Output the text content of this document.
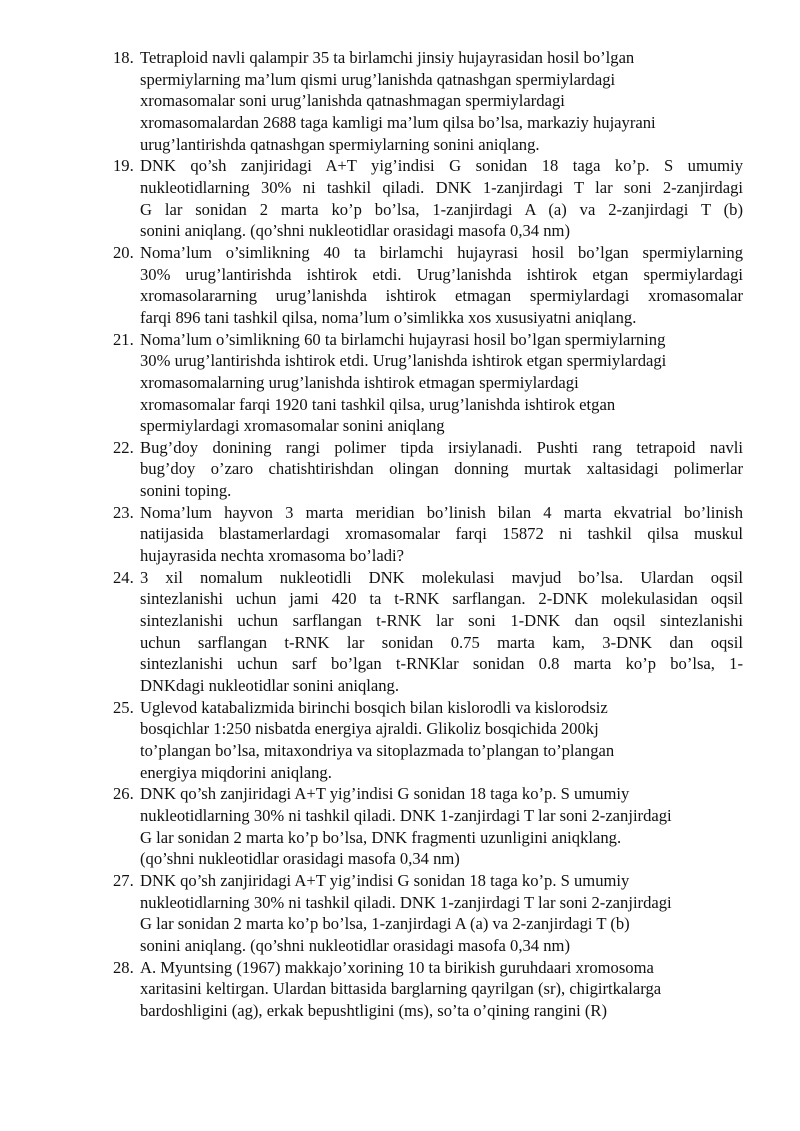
18. Tetraploid navli qalampir 35 ta birlamchi jinsiy hujayrasidan hosil bo’lgan
spermiylarning ma’lum qismi urug’lanishda qatnashgan spermiylardagi
xromasomalar soni urug’lanishda qatnashmagan spermiylardagi
xromasomalardan 2688 taga kamligi ma’lum qilsa bo’lsa, markaziy hujayrani
urug’lantirishda qatnashgan spermiylarning sonini aniqlang.
19. DNK qo’sh zanjiridagi A+T yig’indisi G sonidan 18 taga ko’p. S umumiy
nukleotidlarning 30% ni tashkil qiladi. DNK 1-zanjirdagi T lar soni 2-zanjirdagi
G lar sonidan 2 marta ko’p bo’lsa, 1-zanjirdagi A (a) va 2-zanjirdagi T (b)
sonini aniqlang. (qo’shni nukleotidlar orasidagi masofa 0,34 nm)
20. Noma’lum o’simlikning 40 ta birlamchi hujayrasi hosil bo’lgan spermiylarning
30% urug’lantirishda ishtirok etdi. Urug’lanishda ishtirok etgan spermiylardagi
xromasolararning urug’lanishda ishtirok etmagan spermiylardagi xromasomalar
farqi 896 tani tashkil qilsa, noma’lum o’simlikka xos xususiyatni aniqlang.
21. Noma’lum o’simlikning 60 ta birlamchi hujayrasi hosil bo’lgan spermiylarning
30% urug’lantirishda ishtirok etdi. Urug’lanishda ishtirok etgan spermiylardagi
xromasomalarning urug’lanishda ishtirok etmagan spermiylardagi
xromasomalar farqi 1920 tani tashkil qilsa, urug’lanishda ishtirok etgan
spermiylardagi xromasomalar sonini aniqlang
22. Bug’doy donining rangi polimer tipda irsiylanadi. Pushti rang tetrapoid navli
bug’doy o’zaro chatishtirishdan olingan donning murtak xaltasidagi polimerlar
sonini toping.
23. Noma’lum hayvon 3 marta meridian bo’linish bilan 4 marta ekvatrial bo’linish
natijasida blastamerlardagi xromasomalar farqi 15872 ni tashkil qilsa muskul
hujayrasida nechta xromasoma bo’ladi?
24. 3 xil nomalum nukleotidli DNK molekulasi mavjud bo’lsa. Ulardan oqsil
sintezlanishi uchun jami 420 ta t-RNK sarflangan. 2-DNK molekulasidan oqsil
sintezlanishi uchun sarflangan t-RNK lar soni 1-DNK dan oqsil sintezlanishi
uchun sarflangan t-RNK lar sonidan 0.75 marta kam, 3-DNK dan oqsil
sintezlanishi uchun sarf bo’lgan t-RNKlar sonidan 0.8 marta ko’p bo’lsa, 1-
DNKdagi nukleotidlar sonini aniqlang.
25. Uglevod katabalizmida birinchi bosqich bilan kislorodli va kislorodsiz
bosqichlar 1:250 nisbatda energiya ajraldi. Glikoliz bosqichida 200kj
to’plangan bo’lsa, mitaxondriya va sitoplazmada to’plangan to’plangan
energiya miqdorini aniqlang.
26. DNK qo’sh zanjiridagi A+T yig’indisi G sonidan 18 taga ko’p. S umumiy
nukleotidlarning 30% ni tashkil qiladi. DNK 1-zanjirdagi T lar soni 2-zanjirdagi
G lar sonidan 2 marta ko’p bo’lsa, DNK fragmenti uzunligini aniqklang.
(qo’shni nukleotidlar orasidagi masofa 0,34 nm)
27. DNK qo’sh zanjiridagi A+T yig’indisi G sonidan 18 taga ko’p. S umumiy
nukleotidlarning 30% ni tashkil qiladi. DNK 1-zanjirdagi T lar soni 2-zanjirdagi
G lar sonidan 2 marta ko’p bo’lsa, 1-zanjirdagi A (a) va 2-zanjirdagi T (b)
sonini aniqlang. (qo’shni nukleotidlar orasidagi masofa 0,34 nm)
28. A. Myuntsing (1967) makkajo’xorining 10 ta birikish guruhdaari xromosoma
xaritasini keltirgan. Ulardan bittasida barglarning qayrilgan (sr), chigirtkalarga
bardoshligini (ag), erkak bepushtligini (ms), so’ta o’qining rangini (R)
